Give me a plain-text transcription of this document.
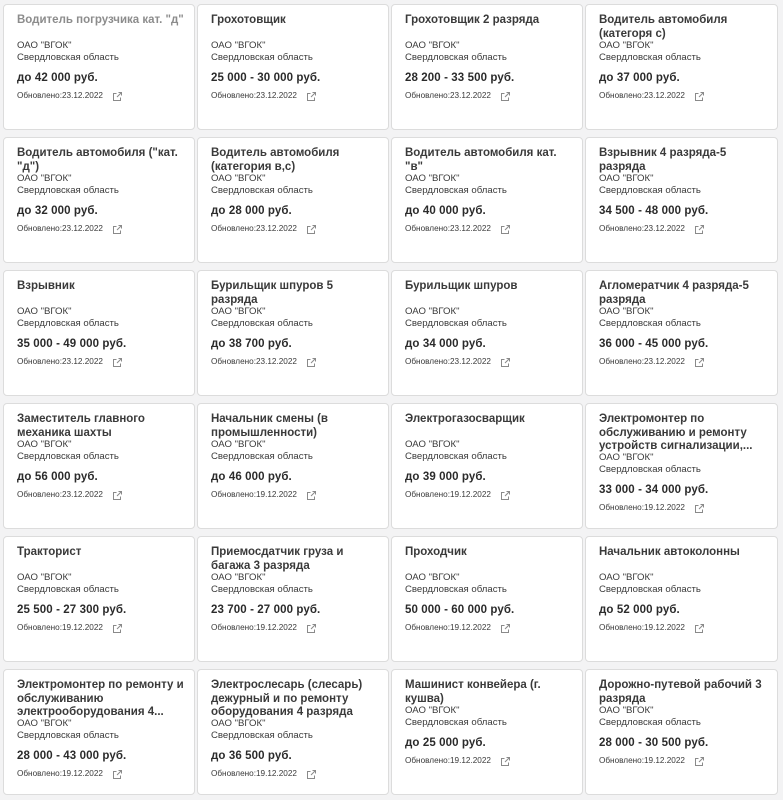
Водитель погрузчика кат. "д"
ОАО "ВГОК"
Свердловская область
до 42 000 руб.
Обновлено: 23.12.2022
Грохотовщик
ОАО "ВГОК"
Свердловская область
25 000 - 30 000 руб.
Обновлено: 23.12.2022
Грохотовщик 2 разряда
ОАО "ВГОК"
Свердловская область
28 200 - 33 500 руб.
Обновлено: 23.12.2022
Водитель автомобиля (категоря с)
ОАО "ВГОК"
Свердловская область
до 37 000 руб.
Обновлено: 23.12.2022
Водитель автомобиля ("кат. "д")
ОАО "ВГОК"
Свердловская область
до 32 000 руб.
Обновлено: 23.12.2022
Водитель автомобиля (категория в,с)
ОАО "ВГОК"
Свердловская область
до 28 000 руб.
Обновлено: 23.12.2022
Водитель автомобиля кат. "в"
ОАО "ВГОК"
Свердловская область
до 40 000 руб.
Обновлено: 23.12.2022
Взрывник 4 разряда-5 разряда
ОАО "ВГОК"
Свердловская область
34 500 - 48 000 руб.
Обновлено: 23.12.2022
Взрывник
ОАО "ВГОК"
Свердловская область
35 000 - 49 000 руб.
Обновлено: 23.12.2022
Бурильщик шпуров 5 разряда
ОАО "ВГОК"
Свердловская область
до 38 700 руб.
Обновлено: 23.12.2022
Бурильщик шпуров
ОАО "ВГОК"
Свердловская область
до 34 000 руб.
Обновлено: 23.12.2022
Агломератчик 4 разряда-5 разряда
ОАО "ВГОК"
Свердловская область
36 000 - 45 000 руб.
Обновлено: 23.12.2022
Заместитель главного механика шахты
ОАО "ВГОК"
Свердловская область
до 56 000 руб.
Обновлено: 23.12.2022
Начальник смены (в промышленности)
ОАО "ВГОК"
Свердловская область
до 46 000 руб.
Обновлено: 19.12.2022
Электрогазосварщик
ОАО "ВГОК"
Свердловская область
до 39 000 руб.
Обновлено: 19.12.2022
Электромонтер по обслуживанию и ремонту устройств сигнализации,...
ОАО "ВГОК"
Свердловская область
33 000 - 34 000 руб.
Обновлено: 19.12.2022
Тракторист
ОАО "ВГОК"
Свердловская область
25 500 - 27 300 руб.
Обновлено: 19.12.2022
Приемосдатчик груза и багажа 3 разряда
ОАО "ВГОК"
Свердловская область
23 700 - 27 000 руб.
Обновлено: 19.12.2022
Проходчик
ОАО "ВГОК"
Свердловская область
50 000 - 60 000 руб.
Обновлено: 19.12.2022
Начальник автоколонны
ОАО "ВГОК"
Свердловская область
до 52 000 руб.
Обновлено: 19.12.2022
Электромонтер по ремонту и обслуживанию электрооборудования 4...
ОАО "ВГОК"
Свердловская область
28 000 - 43 000 руб.
Обновлено: 19.12.2022
Электрослесарь (слесарь) дежурный и по ремонту оборудования 4 разряда
ОАО "ВГОК"
Свердловская область
до 36 500 руб.
Обновлено: 19.12.2022
Машинист конвейера (г. кушва)
ОАО "ВГОК"
Свердловская область
до 25 000 руб.
Обновлено: 19.12.2022
Дорожно-путевой рабочий 3 разряда
ОАО "ВГОК"
Свердловская область
28 000 - 30 500 руб.
Обновлено: 19.12.2022
